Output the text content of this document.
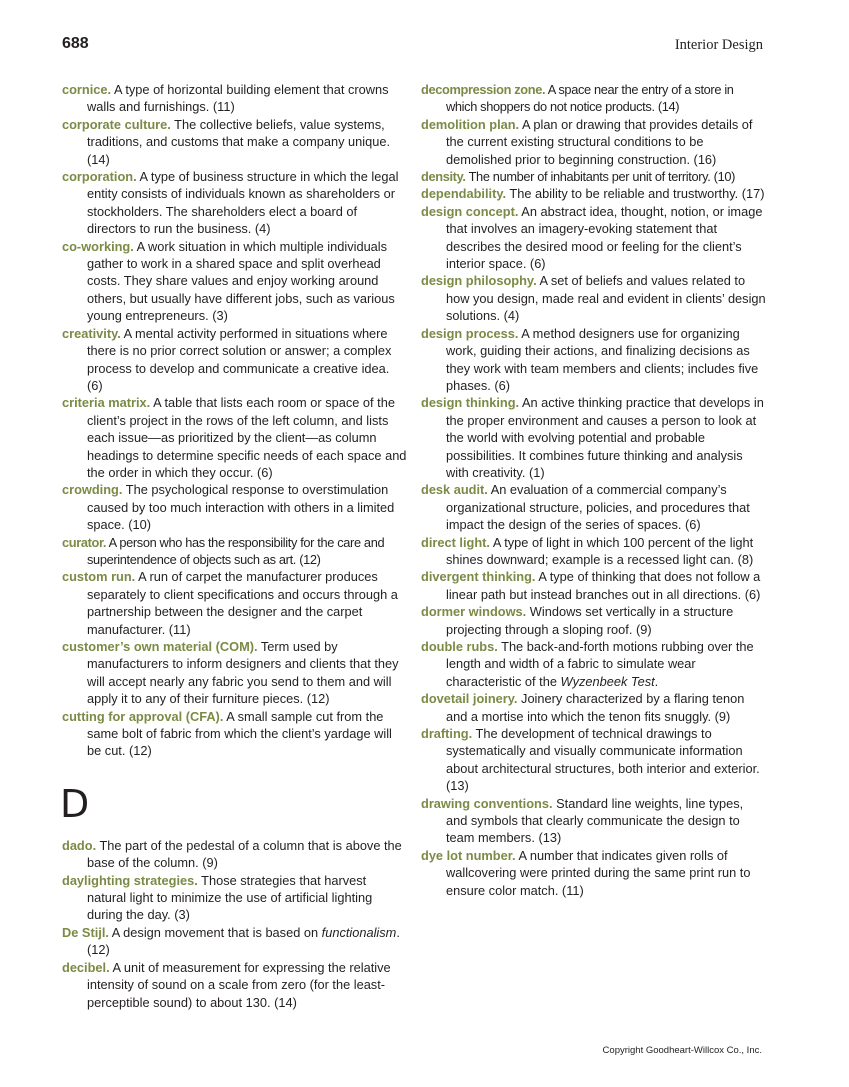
688	Interior Design

cornice. A type of horizontal building element that crowns walls and furnishings. (11)

corporate culture. The collective beliefs, value systems, traditions, and customs that make a company unique. (14)

corporation. A type of business structure in which the legal entity consists of individuals known as shareholders or stockholders. The shareholders elect a board of directors to run the business. (4)

co-working. A work situation in which multiple individuals gather to work in a shared space and split overhead costs. They share values and enjoy working around others, but usually have different jobs, such as various young entrepreneurs. (3)

creativity. A mental activity performed in situations where there is no prior correct solution or answer; a complex process to develop and communicate a creative idea. (6)

criteria matrix. A table that lists each room or space of the client’s project in the rows of the left column, and lists each issue—as prioritized by the client—as column headings to determine specific needs of each space and the order in which they occur. (6)

crowding. The psychological response to overstimulation caused by too much interaction with others in a limited space. (10)

curator. A person who has the responsibility for the care and superintendence of objects such as art. (12)

custom run. A run of carpet the manufacturer produces separately to client specifications and occurs through a partnership between the designer and the carpet manufacturer. (11)

customer’s own material (COM). Term used by manufacturers to inform designers and clients that they will accept nearly any fabric you send to them and will apply it to any of their furniture pieces. (12)

cutting for approval (CFA). A small sample cut from the same bolt of fabric from which the client’s yardage will be cut. (12)

D

dado. The part of the pedestal of a column that is above the base of the column. (9)

daylighting strategies. Those strategies that harvest natural light to minimize the use of artificial lighting during the day. (3)

De Stijl. A design movement that is based on functionalism. (12)

decibel. A unit of measurement for expressing the relative intensity of sound on a scale from zero (for the least-perceptible sound) to about 130. (14)

decompression zone. A space near the entry of a store in which shoppers do not notice products. (14)

demolition plan. A plan or drawing that provides details of the current existing structural conditions to be demolished prior to beginning construction. (16)

density. The number of inhabitants per unit of territory. (10)

dependability. The ability to be reliable and trustworthy. (17)

design concept. An abstract idea, thought, notion, or image that involves an imagery-evoking statement that describes the desired mood or feeling for the client’s interior space. (6)

design philosophy. A set of beliefs and values related to how you design, made real and evident in clients’ design solutions. (4)

design process. A method designers use for organizing work, guiding their actions, and finalizing decisions as they work with team members and clients; includes five phases. (6)

design thinking. An active thinking practice that develops in the proper environment and causes a person to look at the world with evolving potential and probable possibilities. It combines future thinking and analysis with creativity. (1)

desk audit. An evaluation of a commercial company’s organizational structure, policies, and procedures that impact the design of the series of spaces. (6)

direct light. A type of light in which 100 percent of the light shines downward; example is a recessed light can. (8)

divergent thinking. A type of thinking that does not follow a linear path but instead branches out in all directions. (6)

dormer windows. Windows set vertically in a structure projecting through a sloping roof. (9)

double rubs. The back-and-forth motions rubbing over the length and width of a fabric to simulate wear characteristic of the Wyzenbeek Test.

dovetail joinery. Joinery characterized by a flaring tenon and a mortise into which the tenon fits snuggly. (9)

drafting. The development of technical drawings to systematically and visually communicate information about architectural structures, both interior and exterior. (13)

drawing conventions. Standard line weights, line types, and symbols that clearly communicate the design to team members. (13)

dye lot number. A number that indicates given rolls of wallcovering were printed during the same print run to ensure color match. (11)

Copyright Goodheart-Willcox Co., Inc.
